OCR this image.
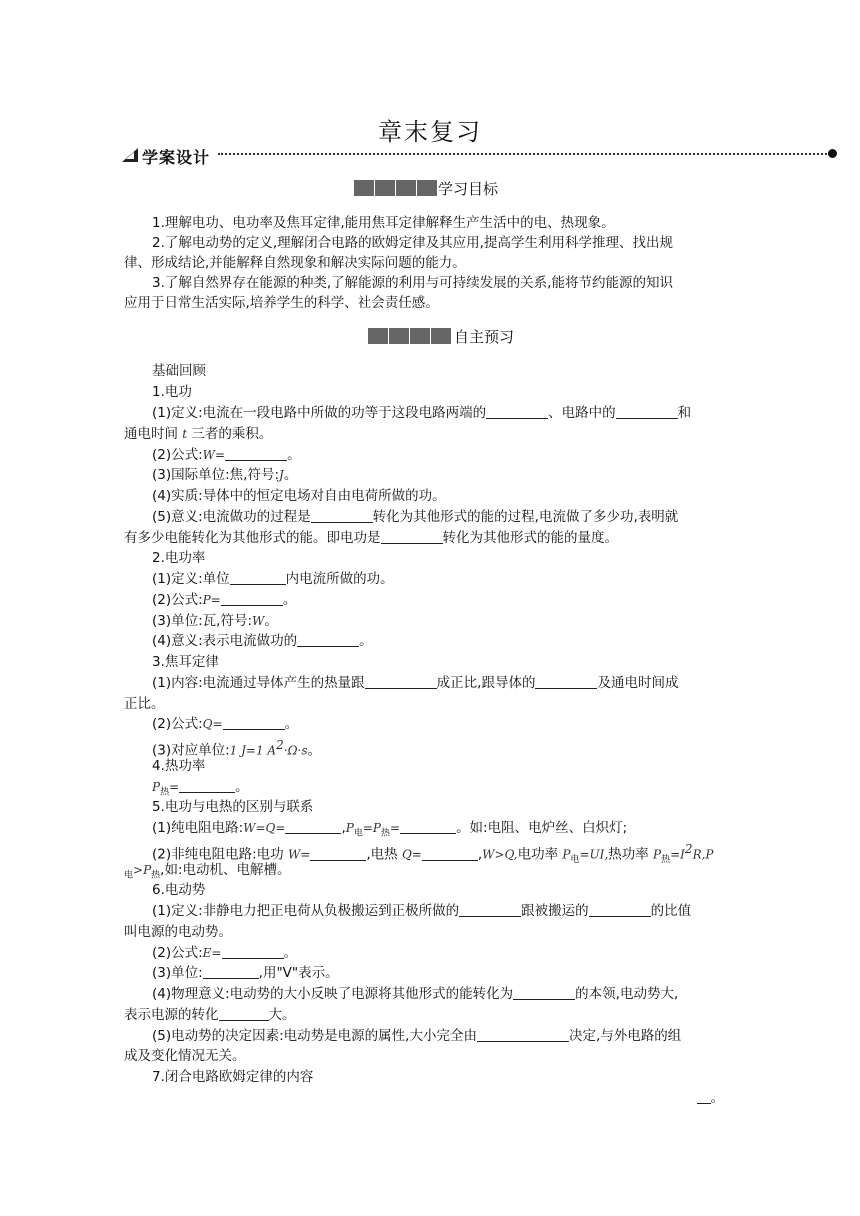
章末复习
学案设计
学习目标
1.理解电功、电功率及焦耳定律,能用焦耳定律解释生产生活中的电、热现象。
2.了解电动势的定义,理解闭合电路的欧姆定律及其应用,提高学生利用科学推理、找出规
律、形成结论,并能解释自然现象和解决实际问题的能力。
3.了解自然界存在能源的种类,了解能源的利用与可持续发展的关系,能将节约能源的知识
应用于日常生活实际,培养学生的科学、社会责任感。
自主预习
基础回顾
1.电功
(1)定义:电流在一段电路中所做的功等于这段电路两端的	、电路中的	和
通电时间 t 三者的乘积。
(2)公式:W=	。
(3)国际单位:焦,符号:J。
(4)实质:导体中的恒定电场对自由电荷所做的功。
(5)意义:电流做功的过程是	转化为其他形式的能的过程,电流做了多少功,表明就
有多少电能转化为其他形式的能。即电功是	转化为其他形式的能的量度。
2.电功率
(1)定义:单位	内电流所做的功。
(2)公式:P=	。
(3)单位:瓦,符号:W。
(4)意义:表示电流做功的	。
3.焦耳定律
(1)内容:电流通过导体产生的热量跟	成正比,跟导体的	及通电时间成
正比。
(2)公式:Q=	。
(3)对应单位:1 J=1 $A^2\cdot\Omega\cdot s$。
4.热功率
$P_热=$	。
5.电功与电热的区别与联系
(1)纯电阻电路:W=Q=	$,P_电=P_热=$	。如:电阻、电炉丝、白炽灯;
(2)非纯电阻电路:电功 W=	,电热 Q=	,W>Q,电功率 $P_电=UI$,热功率 $P_热=I^2R,P$
$_电>P_热$,如:电动机、电解槽。
6.电动势
(1)定义:非静电力把正电荷从负极搬运到正极所做的	跟被搬运的	的比值
叫电源的电动势。
(2)公式:E=	。
(3)单位:	,用"V"表示。
(4)物理意义:电动势的大小反映了电源将其他形式的能转化为	的本领,电动势大,
表示电源的转化	大。
(5)电动势的决定因素:电动势是电源的属性,大小完全由	决定,与外电路的组
成及变化情况无关。
7.闭合电路欧姆定律的内容
。
